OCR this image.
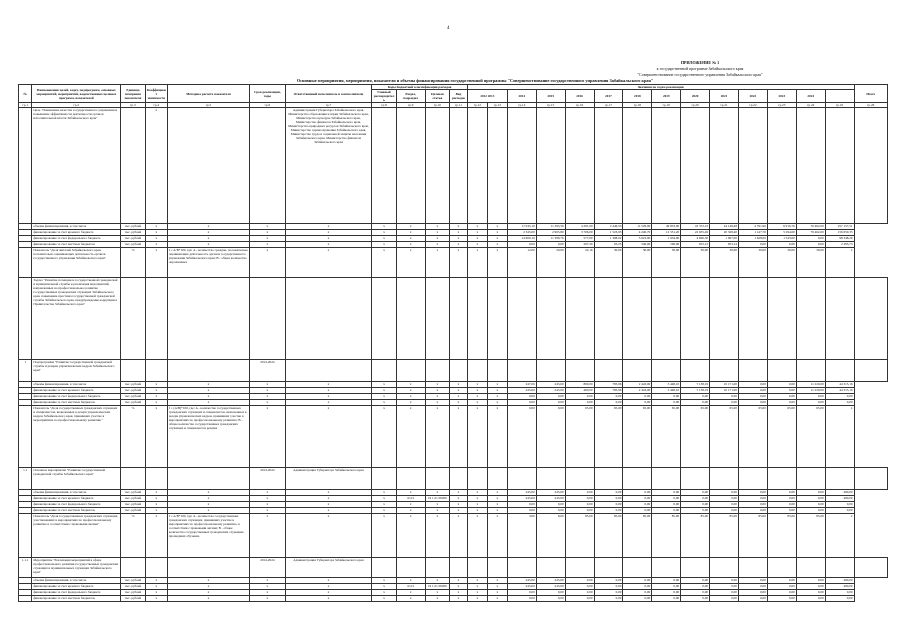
4
ПРИЛОЖЕНИЕ № 1
к государственной программе Забайкальского края
"Совершенствование государственного управления Забайкальского края"
Основные мероприятия, мероприятия, показатели и объемы финансирования государственной программы "Совершенствование государственного управления Забайкальского края"
№	Наименование целей, задач, подпрограмм, основных мероприятий, мероприятий, ведомственных целевых программ, показателей	Единица измерения показателя	Коэффициент значимости	Методика расчета показателя	Срок реализации, годы	Ответственный исполнитель и соисполнители	Коды бюджетной классификации расходов				Значения по годам реализации														Итого
							Главный распорядитель	Раздел, подраздел	Целевая статья	Вид расходов	2012 2013		2014	2015	2016	2017	2018	2019	2020	2021	2022	2023	2024		
гр.1	гр.2	гр.3	гр.4	гр.5	гр.6	гр.7	гр.8	гр.9	гр.10	гр.11	гр.12	гр.13	гр.14	гр.15	гр.16	гр.17	гр.18	гр.19	гр.20	гр.21	гр.22	гр.23	гр.24	гр.25	гр.26
	Цель "Повышение качества государственного управления и повышение эффективности деятельности органов исполнительной власти Забайкальского края"		х			Администрация Губернатора Забайкальского края, Министерство образования и науки Забайкальского края, Министерство культуры Забайкальского края, Министерство финансов Забайкальского края, Министерство природных ресурсов Забайкальского края, Министерство здравоохранения Забайкальского края, Министерство труда и социальной защиты населения Забайкальского края, Министерство финансов Забайкальского края																			
	объемы финансирования, в том числе	тыс. рублей	х	х	х	х	х	х	х	х	х	х	17 045,10	11 395,56	4 281,00	2 446,50	11 529,90	49 833,00	43 372,23	24 148,48	4 791,96	6 916,76	79 462,00	257 157,51	
	финансирование за счет краевого бюджета	тыс. рублей	х	х	х	х	х	х	х	х	х	х	2 345,00	2 965,80	3 706,00	1 523,93	4 240,70	12 551,20	22 635,49	20 328,40	1 147,76	5 294,00	79 462,00	156 650,35	
	финансирование за счет федерального бюджета	тыс. рублей	х	х	х	х	х	х	х	х	х	х	14 600,10	11 389,76	577,00	1 398,02	3 623,90	1 934,00	4 696,30	1 067,00	1 628,00	1 543,00	0,00	98 348,29	
	финансирование за счет местных бюджетов	тыс. рублей	х	х	х	х	х	х	х	х	х	х	0,00	0,00	207,30	63,25	546,00	196,00	655,12	953,14	0,00	0,00	0,00	2 395,73	
	Показатель "Доля жителей Забайкальского края, положительно оценивающих деятельность органов государственного управления Забайкальского края"	%	х	I = A/B*100, где: A - количество граждан, положительно оценивающих деятельность органов государственного управления Забайкальского края; B - общее количество опрошенных	х	х	х	х	х	х	х	х	12,00	20,00	22,16	30,00	30,00	30,00	30,00	30,00	30,00	30,00	30,00	х	
	Задача "Развитие потенциала государственной гражданской и муниципальной службы и реализация мероприятий, направленных на профессиональное развитие государственных гражданских служащих Забайкальского края, повышение престижа государственной гражданской службы Забайкальского края, предупреждение коррупции в Правительстве Забайкальского края"																								
1	Подпрограмма "Развитие государственной гражданской службы и резерва управленческих кадров Забайкальского края"				2014-2024																				
	объемы финансирования, в том числе	тыс. рублей	х	х	х	х	х	х	х	х	х	х	247,00	245,00	800,00	783,96	2 443,00	3 448,10	7 138,19	10 171,00	0,00	0,00	11 220,00	44 315,16	
	финансирование за счет краевого бюджета	тыс. рублей	х	х	х	х	х	х	х	х	х	х	245,00	245,00	400,00	783,96	2 443,00	3 448,10	7 138,19	10 171,00	0,00	0,00	11 220,00	44 315,16	
	финансирование за счет федерального бюджета	тыс. рублей	х	х	х	х	х	х	х	х	х	х	0,00	0,00	0,00	0,00	0,00	0,00	0,00	0,00	0,00	0,00	0,00	0,00	
	финансирование за счет местных бюджетов	тыс. рублей	х	х	х	х	х	х	х	х	х	х	0,00	0,00	0,00	0,00	0,00	0,00	0,00	0,00	0,00	0,00	0,00	0,00	
	Показатель "Доля государственных гражданских служащих и специалистов, включенных в резерв управленческих кадров Забайкальского края, принявших участие в мероприятиях по профессиональному развитию"	%	х	I = (A/B)*100, где: A - количество государственных гражданских служащих и специалистов, включенных в резерв управленческих кадров, принявших участие в мероприятиях по профессиональному развитию; B - общее количество государственных гражданских служащих и специалистов резерва	х	х	х	х	х	х	х	х	0,00	0,00	65,00	65,00	65,00	65,00	65,00	65,00	65,00	65,00	65,00	х	
1.1	Основное мероприятие "Развитие государственной гражданской службы Забайкальского края"				2014-2024	Администрация Губернатора Забайкальского края																			
	объемы финансирования, в том числе	тыс. рублей	х	х	х	х	х	х	х	х	х	х	245,00	245,00	0,00	0,00	0,00	0,00	0,00	0,00	0,00	0,00	0,00	490,00	
	финансирование за счет краевого бюджета	тыс. рублей	х	х	х	х	х	0113	19 1 01 00200	х	х	х	245,00	245,00	0,00	0,00	0,00	0,00	0,00	0,00	0,00	0,00	0,00	490,00	
	финансирование за счет федерального бюджета	тыс. рублей	х	х	х	х	х	х	х	х	х	х	0,00	0,00	0,00	0,00	0,00	0,00	0,00	0,00	0,00	0,00	0,00	0,00	
	финансирование за счет местных бюджетов	тыс. рублей	х	х	х	х	х	х	х	х	х	х	0,00	0,00	0,00	0,00	0,00	0,00	0,00	0,00	0,00	0,00	0,00	0,00	
	Показатель "Доля государственных гражданских служащих, участвовавших в мероприятиях по профессиональному развитию в соответствии с правовыми актами"	%	х	I = A/B*100, где: A - количество государственных гражданских служащих, принявших участие в мероприятиях по профессиональному развитию, в соответствии с правовыми актами; B - общее количество государственных гражданских служащих, прошедших обучение	х	х	х	х	х	х	х	х	3,00	8,00	85,00	85,00	85,00	85,00	85,00	85,00	85,00	85,00	85,00	х	
1.1.1	Мероприятие "Реализация мероприятий в сфере профессионального развития государственных гражданских служащих и муниципальных служащих Забайкальского края"				2014-2024	Администрация Губернатора Забайкальского края																			
	объемы финансирования, в том числе	тыс. рублей	х	х	х	х	х	х	х	х	х	х	245,00	245,00	0,00	0,00	0,00	0,00	0,00	0,00	0,00	0,00	0,00	490,00	
	финансирование за счет краевого бюджета	тыс. рублей	х	х	х	х	х	0113	19 1 01 00200	х	х	х	245,00	245,00	0,00	0,00	0,00	0,00	0,00	0,00	0,00	0,00	0,00	490,00	
	финансирование за счет федерального бюджета	тыс. рублей	х	х	х	х	х	х	х	х	х	х	0,00	0,00	0,00	0,00	0,00	0,00	0,00	0,00	0,00	0,00	0,00	0,00	
	финансирование за счет местных бюджетов	тыс. рублей	х	х	х	х	х	х	х	х	х	х	0,00	0,00	0,00	0,00	0,00	0,00	0,00	0,00	0,00	0,00	0,00	0,00	
